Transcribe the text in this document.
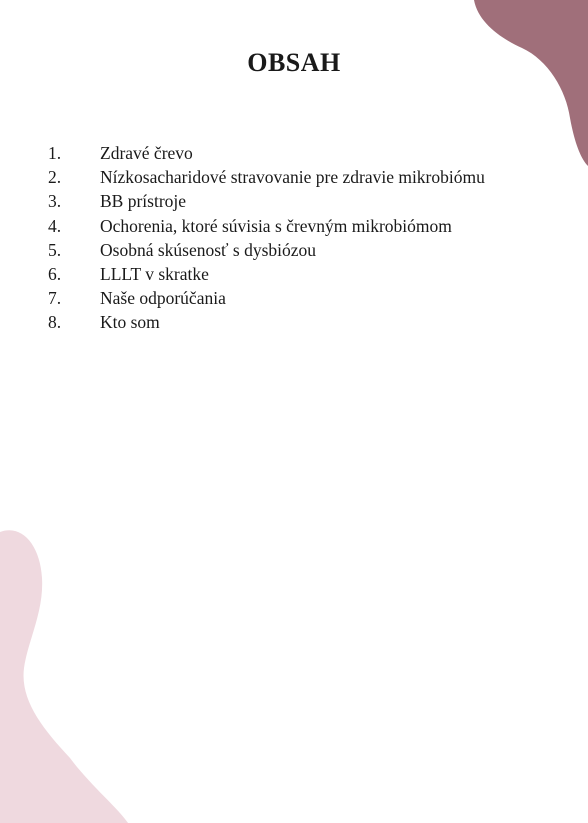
OBSAH
1.	Zdravé črevo
2.	Nízkosacharidové stravovanie pre zdravie mikrobiómu
3.	BB prístroje
4.	Ochorenia, ktoré súvisia s črevným mikrobiómom
5.	Osobná skúsenosť s dysbiózou
6.	LLLT v skratke
7.	Naše odporúčania
8.	Kto som
